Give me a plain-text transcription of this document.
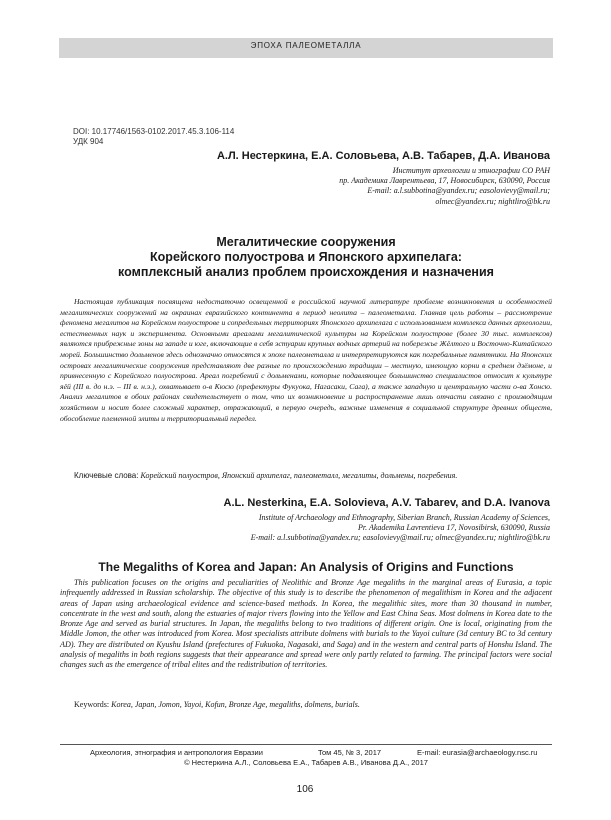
ЭПОХА ПАЛЕОМЕТАЛЛА
DOI: 10.17746/1563-0102.2017.45.3.106-114
УДК 904
А.Л. Нестеркина, Е.А. Соловьева, А.В. Табарев, Д.А. Иванова
Институт археологии и этнографии СО РАН
пр. Академика Лаврентьева, 17, Новосибирск, 630090, Россия
E-mail: a.l.subbotina@yandex.ru; easolovievy@mail.ru;
olmec@yandex.ru; nightliro@bk.ru
Мегалитические сооружения
Корейского полуострова и Японского архипелага:
комплексный анализ проблем происхождения и назначения

Настоящая публикация посвящена недостаточно освещенной в российской научной литературе проблеме возникновения и особенностей мегалитических сооружений на окраинах евразийского континента в период неолита – палеометалла. Главная цель работы – рассмотрение феномена мегалитов на Корейском полуострове и сопредельных территориях Японского архипелага с использованием комплекса данных археологии, естественных наук и эксперимента. Основными ареалами мегалитической культуры на Корейском полуострове (более 30 тыс. комплексов) являются прибрежные зоны на западе и юге, включающие в себя эстуарии крупных водных артерий на побережье Жёлтого и Восточно-Китайского морей. Большинство дольменов здесь однозначно относятся к эпохе палеометалла и интерпретируются как погребальные памятники. На Японских островах мегалитические сооружения представляют две разные по происхождению традиции – местную, имеющую корни в среднем дзёмоне, и привнесенную с Корейского полуострова. Ареал погребений с дольменами, которые подавляющее большинство специалистов относит к культуре яёй (III в. до н.э. – III в. н.э.), охватывает о-в Кюсю (префектуры Фукуока, Нагасаки, Сага), а также западную и центральную части о-ва Хонсю. Анализ мегалитов в обоих районах свидетельствует о том, что их возникновение и распространение лишь отчасти связано с производящим хозяйством и носит более сложный характер, отражающий, в первую очередь, важные изменения в социальной структуре древних обществ, обособление племенной элиты и территориальный передел.

Ключевые слова: Корейский полуостров, Японский архипелаг, палеометалл, мегалиты, дольмены, погребения.
A.L. Nesterkina, E.A. Solovieva, A.V. Tabarev, and D.A. Ivanova
Institute of Archaeology and Ethnography, Siberian Branch, Russian Academy of Sciences,
Pr. Akademika Lavrentieva 17, Novosibirsk, 630090, Russia
E-mail: a.l.subbotina@yandex.ru; easolovievy@mail.ru; olmec@yandex.ru; nightliro@bk.ru
The Megaliths of Korea and Japan: An Analysis of Origins and Functions

This publication focuses on the origins and peculiarities of Neolithic and Bronze Age megaliths in the marginal areas of Eurasia, a topic infrequently addressed in Russian scholarship. The objective of this study is to describe the phenomenon of megalithism in Korea and the adjacent areas of Japan using archaeological evidence and science-based methods. In Korea, the megalithic sites, more than 30 thousand in number, concentrate in the west and south, along the estuaries of major rivers flowing into the Yellow and East China Seas. Most dolmens in Korea date to the Bronze Age and served as burial structures. In Japan, the megaliths belong to two traditions of different origin. One is local, originating from the Middle Jomon, the other was introduced from Korea. Most specialists attribute dolmens with burials to the Yayoi culture (3d century BC to 3d century AD). They are distributed on Kyushu Island (prefectures of Fukuoka, Nagasaki, and Saga) and in the western and central parts of Honshu Island. The analysis of megaliths in both regions suggests that their appearance and spread were only partly related to farming. The principal factors were social changes such as the emergence of tribal elites and the redistribution of territories.

Keywords: Korea, Japan, Jomon, Yayoi, Kofun, Bronze Age, megaliths, dolmens, burials.
Археология, этнография и антропология Евразии	Том 45, № 3, 2017	E-mail: eurasia@archaeology.nsc.ru
© Нестеркина А.Л., Соловьева Е.А., Табарев А.В., Иванова Д.А., 2017
106
